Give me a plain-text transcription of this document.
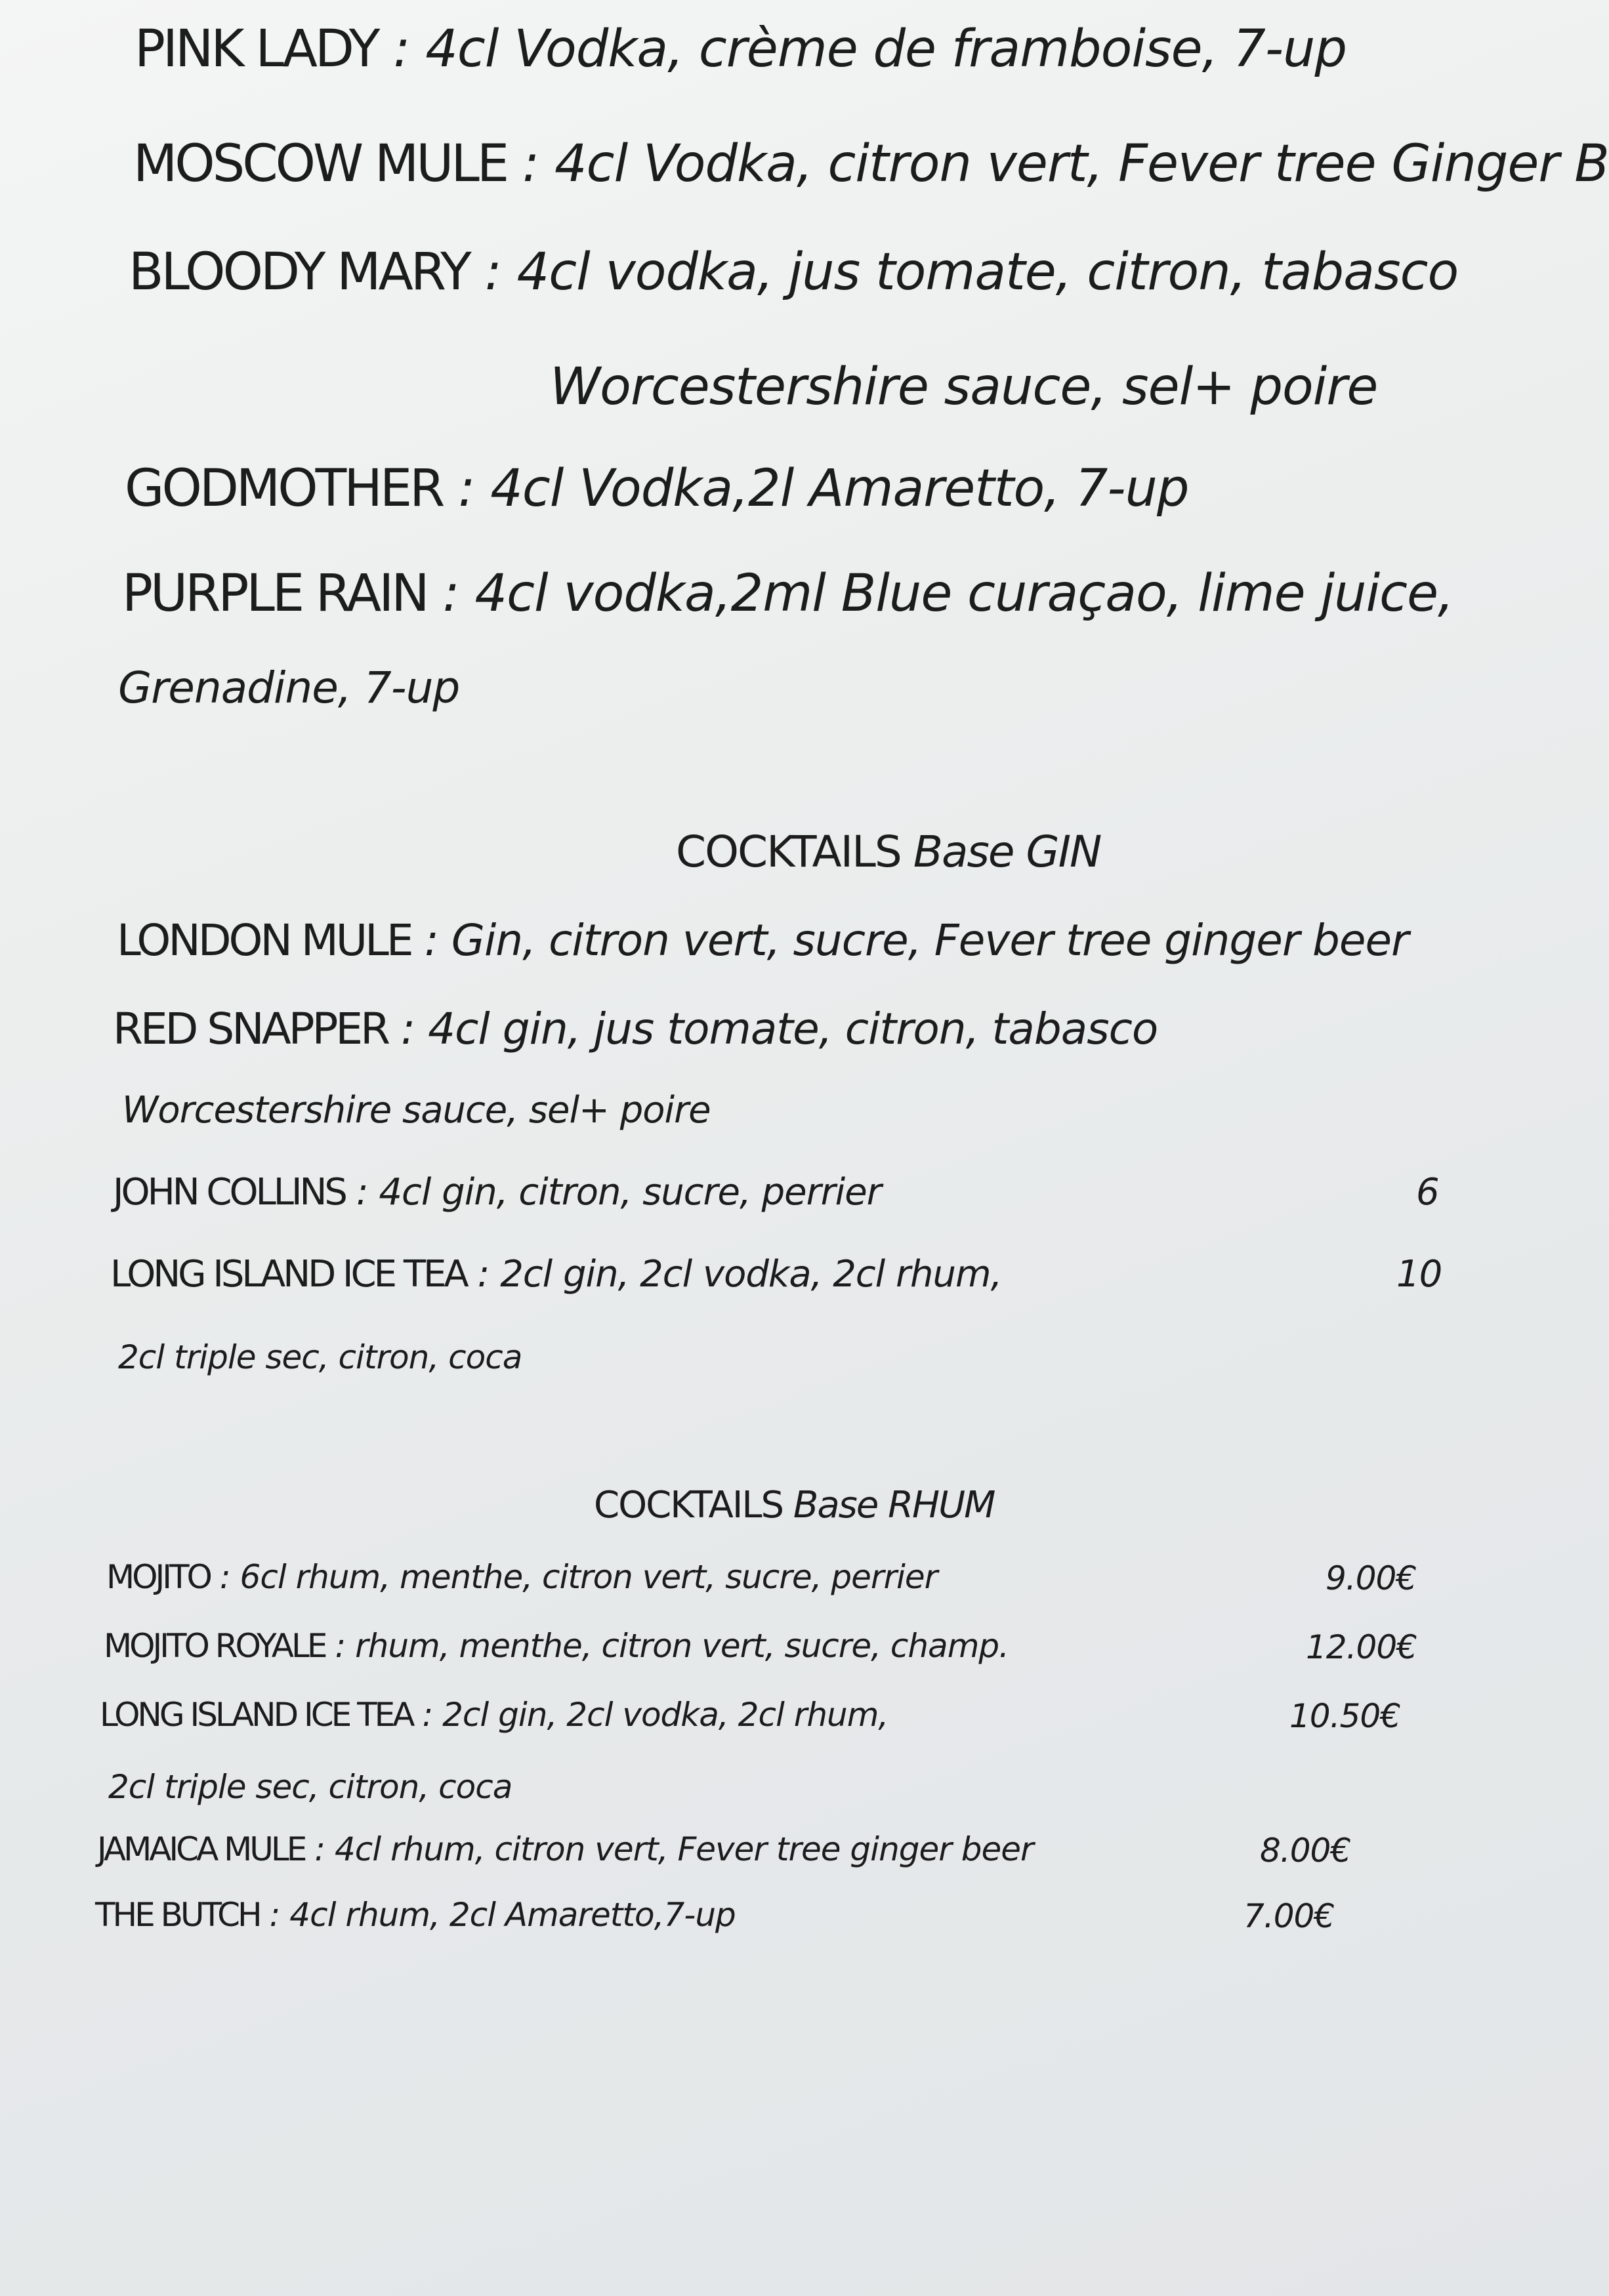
PINK LADY : 4cl Vodka, crème de framboise, 7-up
MOSCOW MULE : 4cl Vodka, citron vert, Fever tree Ginger B
BLOODY MARY : 4cl vodka, jus tomate, citron, tabasco
Worcestershire sauce, sel+ poire
GODMOTHER : 4cl Vodka,2l Amaretto, 7-up
PURPLE RAIN : 4cl vodka,2ml Blue curaçao, lime juice,
Grenadine, 7-up
COCKTAILS Base GIN
LONDON MULE : Gin, citron vert, sucre, Fever tree ginger beer
RED SNAPPER : 4cl gin, jus tomate, citron, tabasco
Worcestershire sauce, sel+ poire
JOHN COLLINS : 4cl gin, citron, sucre, perrier	6
LONG ISLAND ICE TEA : 2cl gin, 2cl vodka, 2cl rhum,	10
2cl triple sec, citron, coca
COCKTAILS Base RHUM
MOJITO : 6cl rhum, menthe, citron vert, sucre, perrier	9.00€
MOJITO ROYALE : rhum, menthe, citron vert, sucre, champ.	12.00€
LONG ISLAND ICE TEA : 2cl gin, 2cl vodka, 2cl rhum,	10.50€
2cl triple sec, citron, coca
JAMAICA MULE : 4cl rhum, citron vert, Fever tree ginger beer	8.00€
THE BUTCH : 4cl rhum, 2cl Amaretto,7-up	7.00€
